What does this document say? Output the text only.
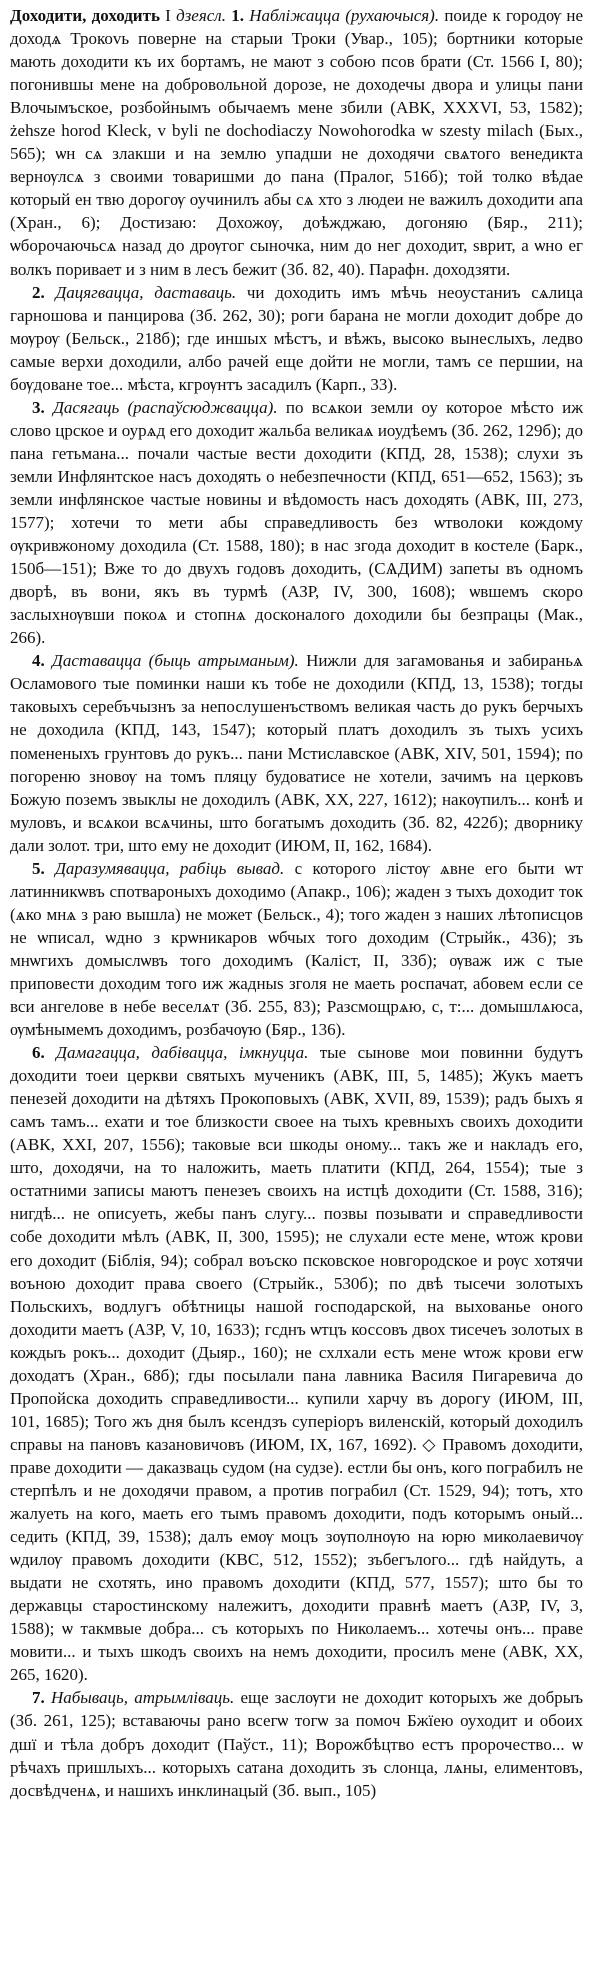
Доходити, доходить I дзеясл. 1. Набліжацца (рухаючыся). поиде к городѹ не доходѧ Трокоvь поверне на старыи Троки (Увар., 105); бортники которые мають доходити къ их бортамъ, не мают з собою псов брати (Ст. 1566 I, 80); погонившы мене на добровольной дорозе, не доходечы двора и улицы пани Влочымъское, розбойнымъ обычаемъ мене збили (АВК, XXXVI, 53, 1582); żehsze horod Kleck, v byli ne dochodiaczy Nowohorodka w szesty milach (Бых., 565); ѡн сѧ злакши и на землю упадши не доходячи свѧтого венедикта вернѹлсѧ з своими товаришми до пана (Пралог, 516б); той толко вѣдае который ен твю дорогѹ оучинилъ абы сѧ хто з людеи не важилъ доходити апа (Хран., 6); Достизаю: Дохожѹ, доѣжджаю, догоняю (Бяр., 211); ѡборочаючьсѧ назад до дрѹгог сыночка, ним до нег доходит, ѕврит, а ѡно ег волкъ поривает и з ним в лесъ бежит (Зб. 82, 40). Парафн. доходзяти.

2. Дацягвацца, даставаць. чи доходить имъ мѣчь неоустаниъ сѧлица гарношова и панцирова (Зб. 262, 30); роги барана не могли доходит добре до мѹрѹ (Бельск., 218б); где иншых мѣстъ, и вѣжъ, высоко вынеслыхъ, ледво самые верхи доходили, албо рачей еще дойти не могли, тамъ се першии, на бѹдоване тое... мѣста, кгрѹнтъ засадилъ (Карп., 33).

3. Дасягаць (распаўсюджвацца). по всѧкои земли оу которое мѣсто иж слово црское и оурѧд его доходит жальба великаѧ иоудѣемъ (Зб. 262, 129б); до пана гетьмана... почали частые вести доходити (КПД, 28, 1538); слухи зъ земли Инфлянтское насъ доходять о небезпечности (КПД, 651—652, 1563); зъ земли инфлянское частые новины и вѣдомость насъ доходять (АВК, III, 273, 1577); хотечи то мети абы справедливость без ѡтволоки кождому ѹкривжоному доходила (Ст. 1588, 180); в нас згода доходит в костеле (Барк., 150б—151); Вже то до двухъ годовъ доходить, (СѦДИМ) запеты въ одномъ дворѣ, въ вони, якъ въ турмѣ (АЗР, IV, 300, 1608); ѡвшемъ скоро заслыхнѹвши покоѧ и стопнѧ досконалого доходили бы безпрацы (Мак., 266).

4. Даставацца (быць атрыманым). Нижли для загамованья и забираньѧ Осламового тые поминки наши къ тобе не доходили (КПД, 13, 1538); тогды таковыхъ серебъчызнъ за непослушенъствомъ великая часть до рукъ берчыхъ не доходила (КПД, 143, 1547); который платъ доходилъ зъ тыхъ усихъ помененыхъ грунтовъ до рукъ... пани Мстиславское (АВК, XIV, 501, 1594); по погореню зновѹ на томъ пляцу будоватисе не хотели, зачимъ на церковъ Божую поземъ звыклы не доходилъ (АВК, XX, 227, 1612); накѹпилъ... конѣ и муловъ, и всѧкои всѧчины, што богатымъ доходить (Зб. 82, 422б); дворнику дали золот. три, што ему не доходит (ИЮМ, II, 162, 1684).

5. Даразумявацца, рабіць вывад. с которого лістѹ ѧвне его быти ѡт латинникѡвъ спотвароныхъ доходимо (Апакр., 106); жаден з тыхъ доходит ток (ѧко мнѧ з раю вышла) не может (Бельск., 4); того жаден з наших лѣтописцов не ѡписал, ѡдно з крѡникаров ѡбчых того доходим (Стрыйк., 436); зъ мнѡгихъ домыслѡвъ того доходимъ (Каліст, II, 33б); ѹваж иж с тые приповести доходим того иж жадныѕ зголя не маеть роспачат, абовем если се вси ангелове в небе веселѧт (Зб. 255, 83); Разсмощрѧю, с, т:... домышлѧюса, ѹмѣнымемъ доходимъ, розбачѹю (Бяр., 136).

6. Дамагацца, дабівацца, імкнуцца. тые сынове мои повинни будутъ доходити тоеи церкви святыхъ мученикъ (АВК, III, 5, 1485); Жукъ маетъ пенезей доходити на дѣтяхъ Прокоповыхъ (АВК, XVII, 89, 1539); радъ быхъ я самъ тамъ... ехати и тое близкости своее на тыхъ кревныхъ своихъ доходити (АВК, XXI, 207, 1556); таковые вси шкоды оному... такъ же и накладъ его, што, доходячи, на то наложить, маеть платити (КПД, 264, 1554); тые з остатними записы маютъ пенезеъ своихъ на истцѣ доходити (Ст. 1588, 316); нигдѣ... не описуеть, жебы панъ слугу... позвы позывати и справедливости собе доходити мѣлъ (АВК, II, 300, 1595); не слухали есте мене, ѡтож крови его доходит (Біблія, 94); собрал воъско псковское новгородское и рѹс хотячи воъною доходит права своего (Стрыйк., 530б); по двѣ тысечи золотыхъ Польскихъ, водлугъ обѣтницы нашой господарской, на выхованье оного доходити маетъ (АЗР, V, 10, 1633); гсднъ ѡтцъ коссовъ двох тисечеъ золотых в кождыъ рокъ... доходит (Дыяр., 160); не схлхали есть мене ѡтож крови егѡ доходатъ (Хран., 68б); гды посылали пана лавника Василя Пигаревича до Пропойска доходить справедливости... купили харчу въ дорогу (ИЮМ, III, 101, 1685); Того жъ дня былъ ксендзъ суперіоръ виленскій, который доходилъ справы на пановъ казановичовъ (ИЮМ, IX, 167, 1692). ◇ Правомъ доходити, праве доходити — даказваць судом (на судзе). естли бы онъ, кого пограбилъ не стерпѣлъ и не доходячи правом, а против пограбил (Ст. 1529, 94); тотъ, хто жалуеть на кого, маеть его тымъ правомъ доходити, подъ которымъ оный... седить (КПД, 39, 1538); далъ емѹ моцъ зѹполнѹю на юрю миколаевичѹ ѡдилѹ правомъ доходити (КВС, 512, 1552); зъбегълого... гдѣ найдуть, а выдати не схотять, ино правомъ доходити (КПД, 577, 1557); што бы то державцы старостинскому належитъ, доходити правнѣ маетъ (АЗР, IV, 3, 1588); ѡ такмвые добра... съ которыхъ по Николаемъ... хотечы онъ... праве мовити... и тыхъ шкодъ своихъ на немъ доходити, просилъ мене (АВК, XX, 265, 1620).

7. Набываць, атрымліваць. еще заслѹги не доходит которыхъ же добрыъ (Зб. 261, 125); вставаючы рано всегѡ тогѡ за помоч Бжїею оуходит и обоих дшї и тѣла добръ доходит (Паўст., 11); Ворожбѣцтво естъ пророчество... ѡ рѣчахъ пришлыхъ... которыхъ сатана доходить зъ слонца, лѧны, елиментовъ, досвѣдченѧ, и нашихъ инклинацый (Зб. вып., 105)
